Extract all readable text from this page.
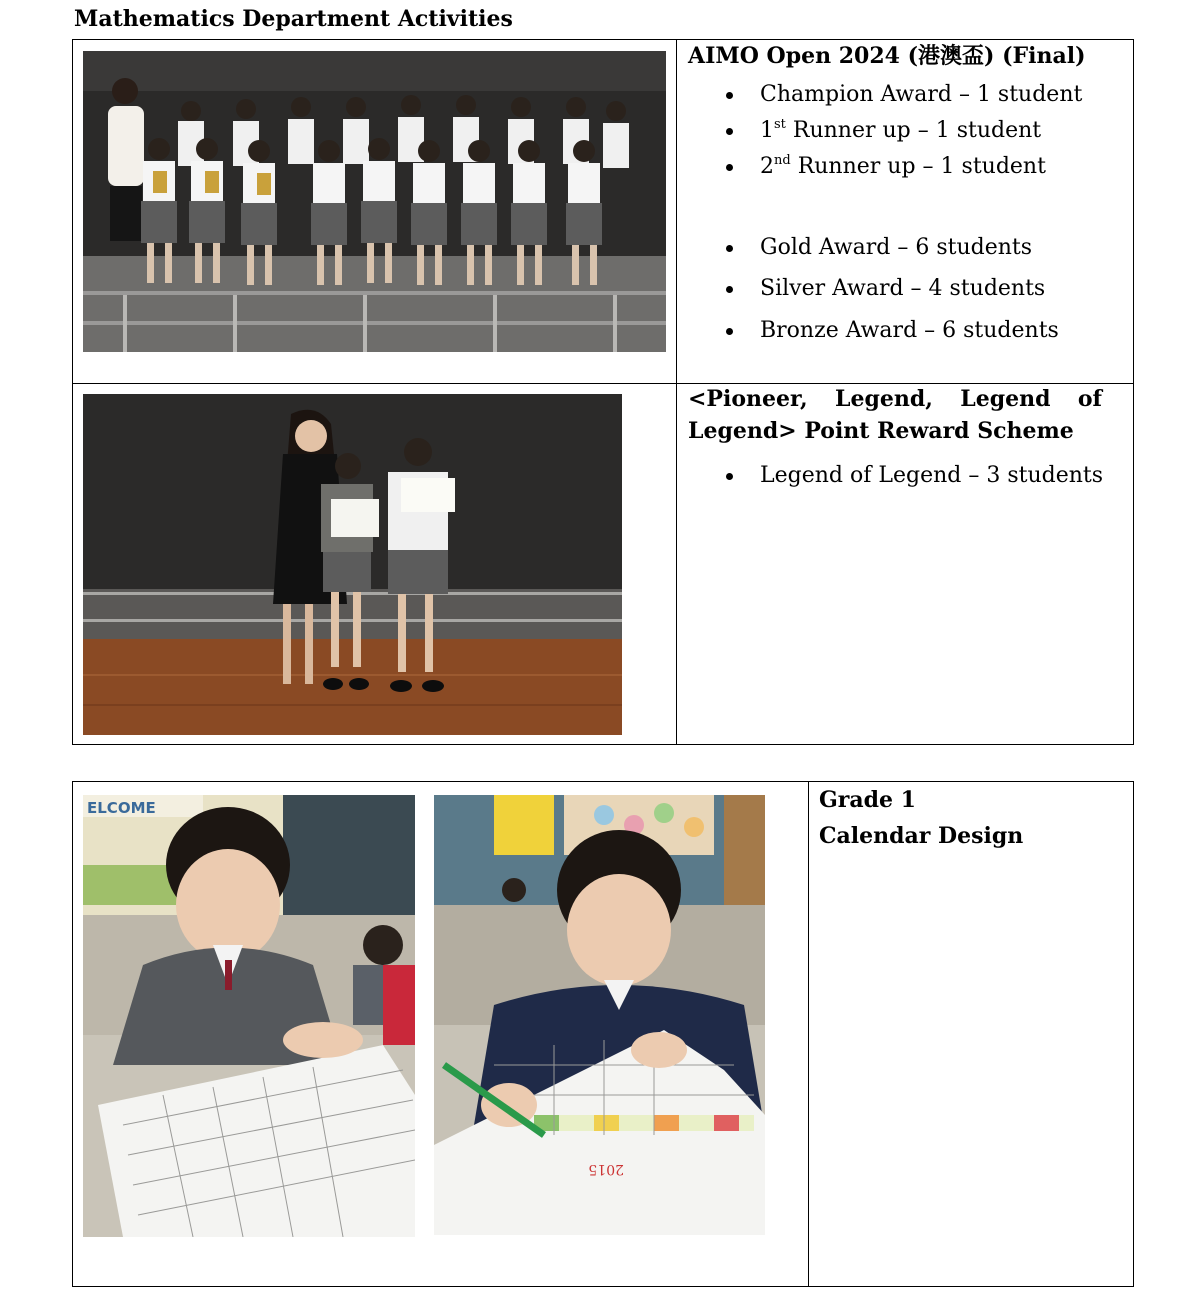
Mathematics Department Activities
AIMO Open 2024 (港澳盃) (Final)
Champion Award – 1 student
1st Runner up – 1 student
2nd Runner up – 1 student
Gold Award – 6 students
Silver Award – 4 students
Bronze Award – 6 students
<Pioneer, Legend, Legend of
Legend> Point Reward Scheme
Legend of Legend – 3 students
ELCOME
2015
Grade 1
Calendar Design
